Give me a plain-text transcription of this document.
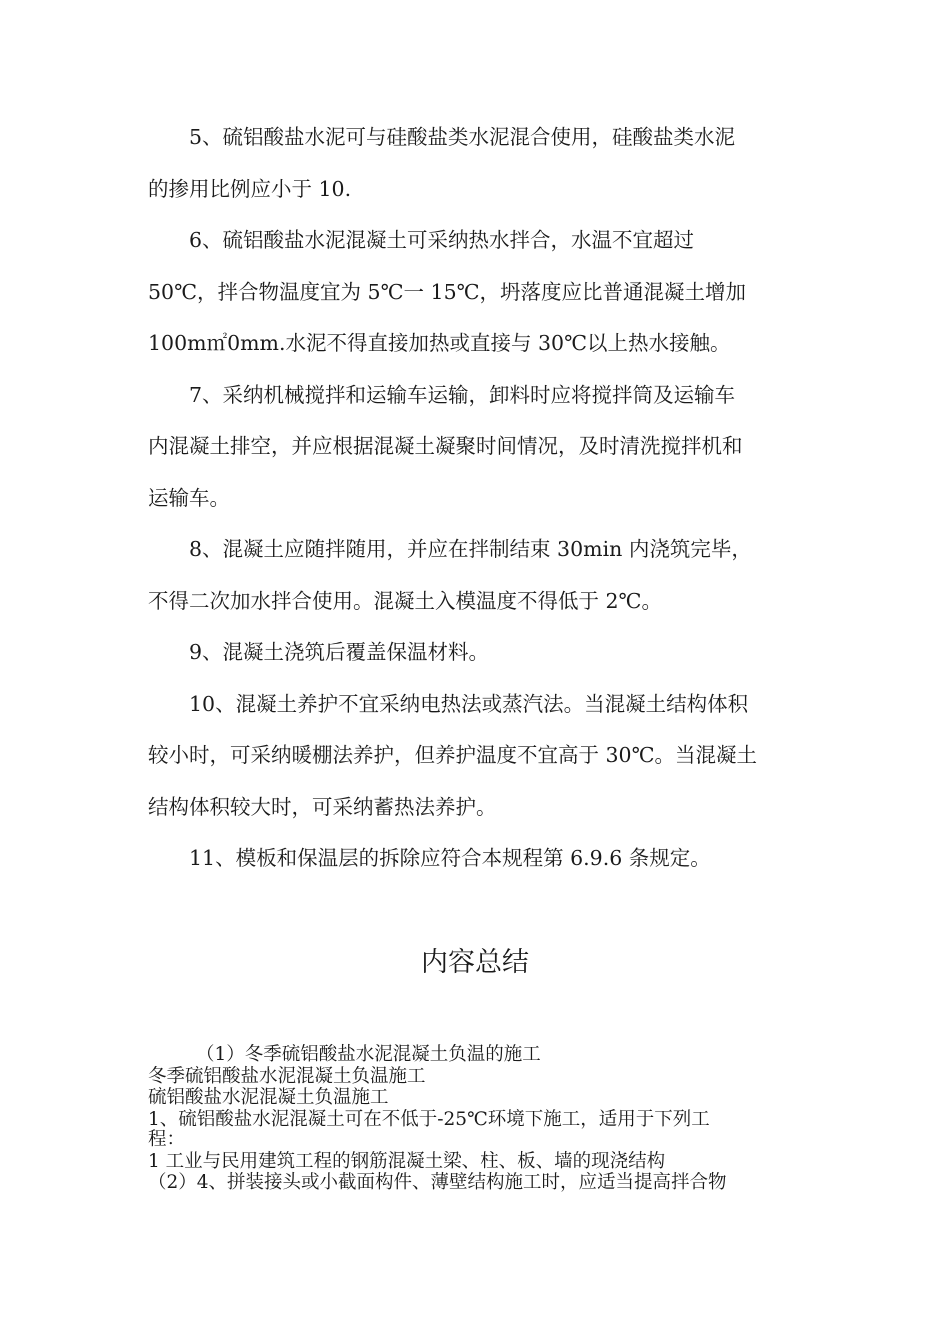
5、硫铝酸盐水泥可与硅酸盐类水泥混合使用，硅酸盐类水泥
的掺用比例应小于 10.

6、硫铝酸盐水泥混凝土可采纳热水拌合，水温不宜超过
50℃，拌合物温度宜为 5℃一 15℃，坍落度应比普通混凝土增加
100m㎡0mm.水泥不得直接加热或直接与 30℃以上热水接触。

7、采纳机械搅拌和运输车运输，卸料时应将搅拌筒及运输车
内混凝土排空，并应根据混凝土凝聚时间情况，及时清洗搅拌机和
运输车。

8、混凝土应随拌随用，并应在拌制结束 30min 内浇筑完毕，
不得二次加水拌合使用。混凝土入模温度不得低于 2℃。

9、混凝土浇筑后覆盖保温材料。

10、混凝土养护不宜采纳电热法或蒸汽法。当混凝土结构体积
较小时，可采纳暖棚法养护，但养护温度不宜高于 30℃。当混凝土
结构体积较大时，可采纳蓄热法养护。

11、模板和保温层的拆除应符合本规程第 6.9.6 条规定。

内容总结
（1）冬季硫铝酸盐水泥混凝土负温的施工
冬季硫铝酸盐水泥混凝土负温施工
硫铝酸盐水泥混凝土负温施工
1、硫铝酸盐水泥混凝土可在不低于-25℃环境下施工，适用于下列工
程：
1 工业与民用建筑工程的钢筋混凝土梁、柱、板、墙的现浇结构
（2）4、拼装接头或小截面构件、薄壁结构施工时，应适当提高拌合物
